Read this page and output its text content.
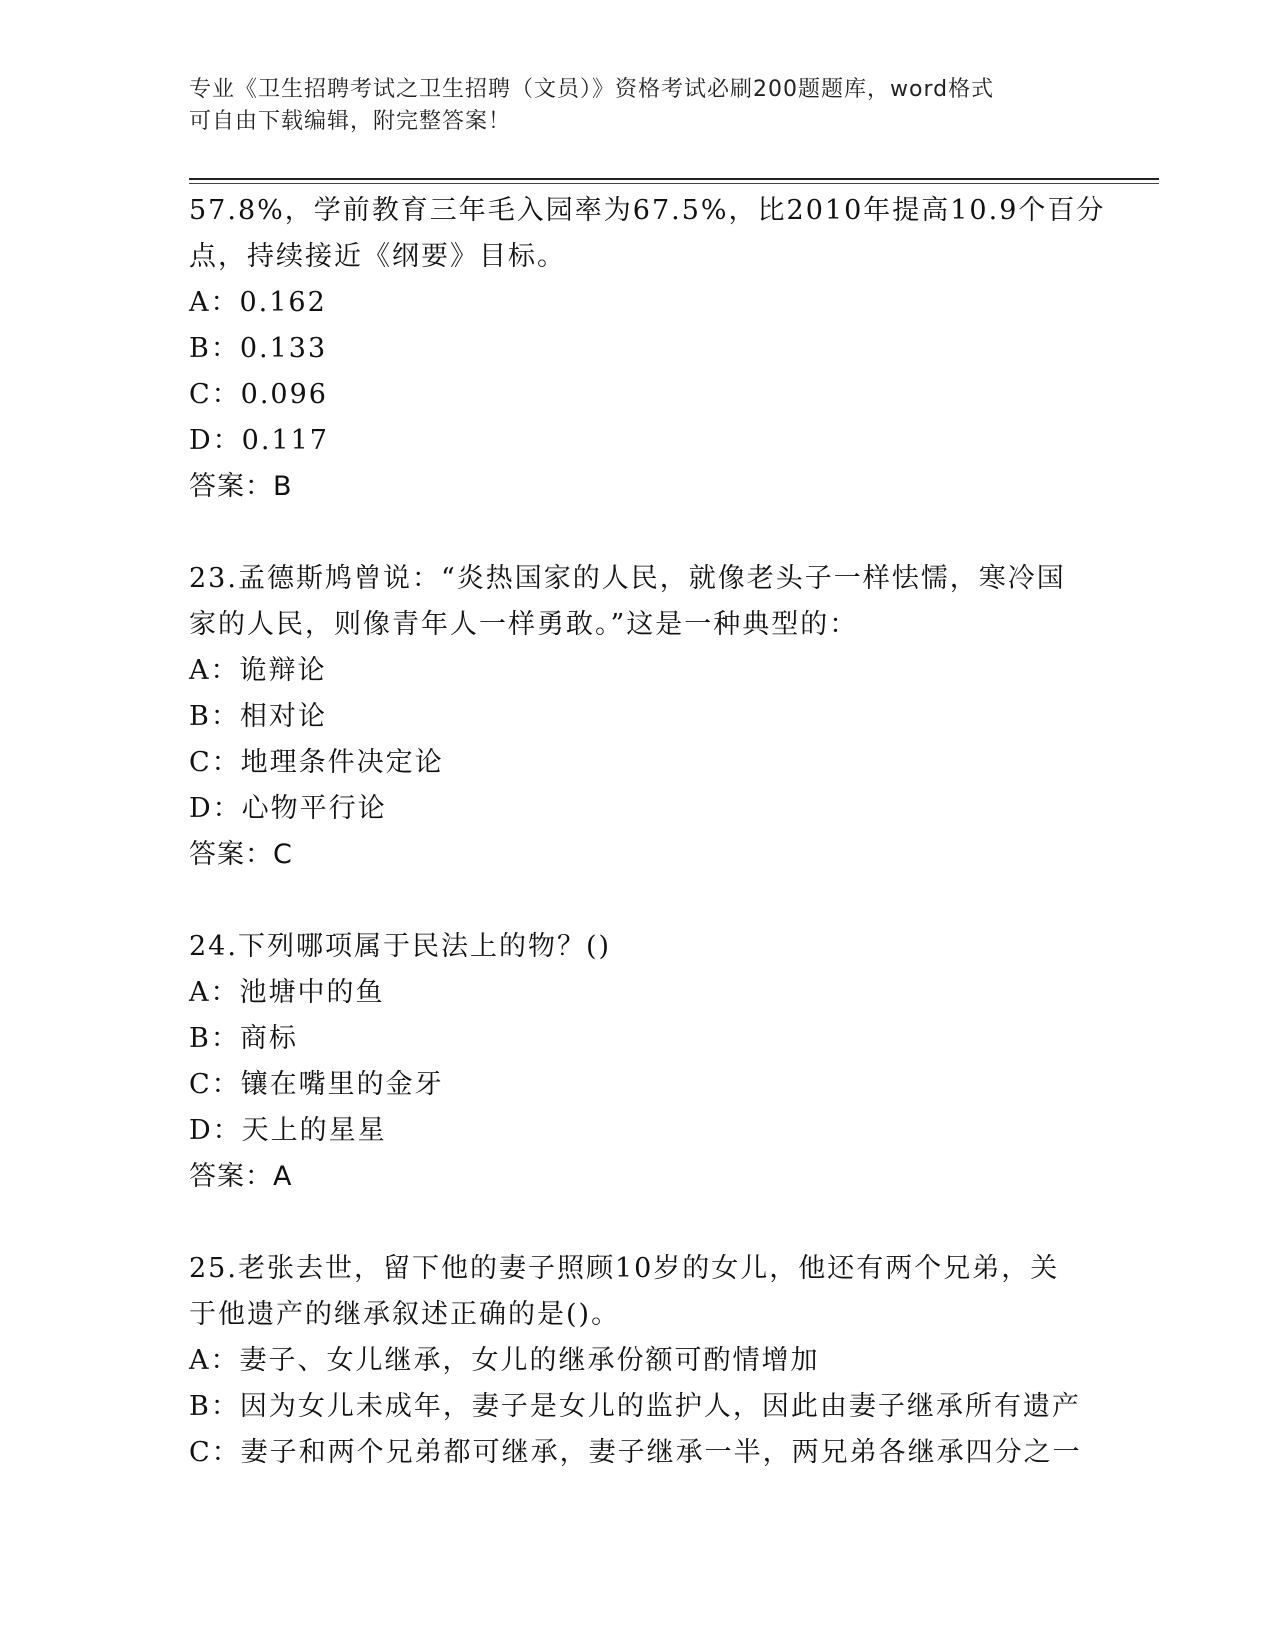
专业《卫生招聘考试之卫生招聘（文员）》资格考试必刷200题题库，word格式
可自由下载编辑，附完整答案！
57.8%，学前教育三年毛入园率为67.5%，比2010年提高10.9个百分
点，持续接近《纲要》目标。
A：0.162
B：0.133
C：0.096
D：0.117
答案：B
23.孟德斯鸠曾说：“炎热国家的人民，就像老头子一样怯懦，寒冷国
家的人民，则像青年人一样勇敢。”这是一种典型的：
A：诡辩论
B：相对论
C：地理条件决定论
D：心物平行论
答案：C
24.下列哪项属于民法上的物？()
A：池塘中的鱼
B：商标
C：镶在嘴里的金牙
D：天上的星星
答案：A
25.老张去世，留下他的妻子照顾10岁的女儿，他还有两个兄弟，关
于他遗产的继承叙述正确的是()。
A：妻子、女儿继承，女儿的继承份额可酌情增加
B：因为女儿未成年，妻子是女儿的监护人，因此由妻子继承所有遗产
C：妻子和两个兄弟都可继承，妻子继承一半，两兄弟各继承四分之一
